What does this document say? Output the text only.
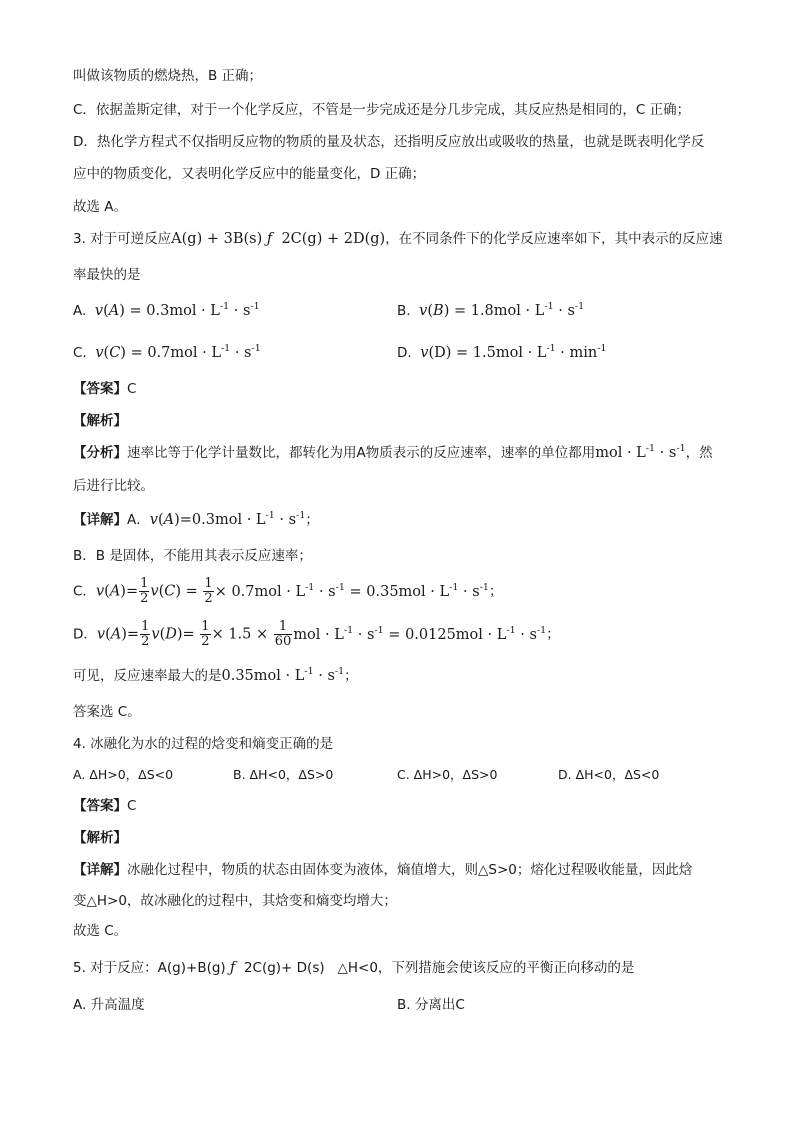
叫做该物质的燃烧热，B 正确；
C．依据盖斯定律，对于一个化学反应，不管是一步完成还是分几步完成，其反应热是相同的，C 正确；
D．热化学方程式不仅指明反应物的物质的量及状态，还指明反应放出或吸收的热量，也就是既表明化学反
应中的物质变化，又表明化学反应中的能量变化，D 正确；
故选 A。
3. 对于可逆反应A(g) + 3B(s) ƒ  2C(g) + 2D(g)，在不同条件下的化学反应速率如下，其中表示的反应速
率最快的是
A. $v(A) = 0.3mol \cdot L^{-1} \cdot s^{-1}$	B. $v(B) = 1.8mol \cdot L^{-1} \cdot s^{-1}$
C. $v(C) = 0.7mol \cdot L^{-1} \cdot s^{-1}$	D. $v(D) = 1.5mol \cdot L^{-1} \cdot \min^{-1}$
【答案】C
【解析】
【分析】速率比等于化学计量数比，都转化为用A物质表示的反应速率，速率的单位都用mol · $L^{-1} \cdot s^{-1}$，然
后进行比较。
【详解】A．$v(A)=0.3mol \cdot L^{-1} \cdot s^{-1}$；
B．B 是固体，不能用其表示反应速率；
C．$v(A)= \frac{1}{2} v(C) = \frac{1}{2} \times 0.7mol \cdot L^{-1} \cdot s^{-1} = 0.35mol \cdot L^{-1} \cdot s^{-1}$；
D．$v(A)= \frac{1}{2} v(D)= \frac{1}{2} \times 1.5 \times \frac{1}{60}$ mol · $L^{-1} \cdot s^{-1} = 0.0125mol \cdot L^{-1} \cdot s^{-1}$；
可见，反应速率最大的是$0.35mol \cdot L^{-1} \cdot s^{-1}$；
答案选 C。
4. 冰融化为水的过程的焓变和熵变正确的是
A. ΔH>0，ΔS<0	B. ΔH<0，ΔS>0	C. ΔH>0，ΔS>0	D. ΔH<0，ΔS<0
【答案】C
【解析】
【详解】冰融化过程中，物质的状态由固体变为液体，熵值增大，则△S>0；熔化过程吸收能量，因此焓
变△H>0，故冰融化的过程中，其焓变和熵变均增大；
故选 C。
5. 对于反应：A(g)+B(g) ƒ  2C(g)+ D(s)   △H<0，下列措施会使该反应的平衡正向移动的是
A. 升高温度	B. 分离出C
